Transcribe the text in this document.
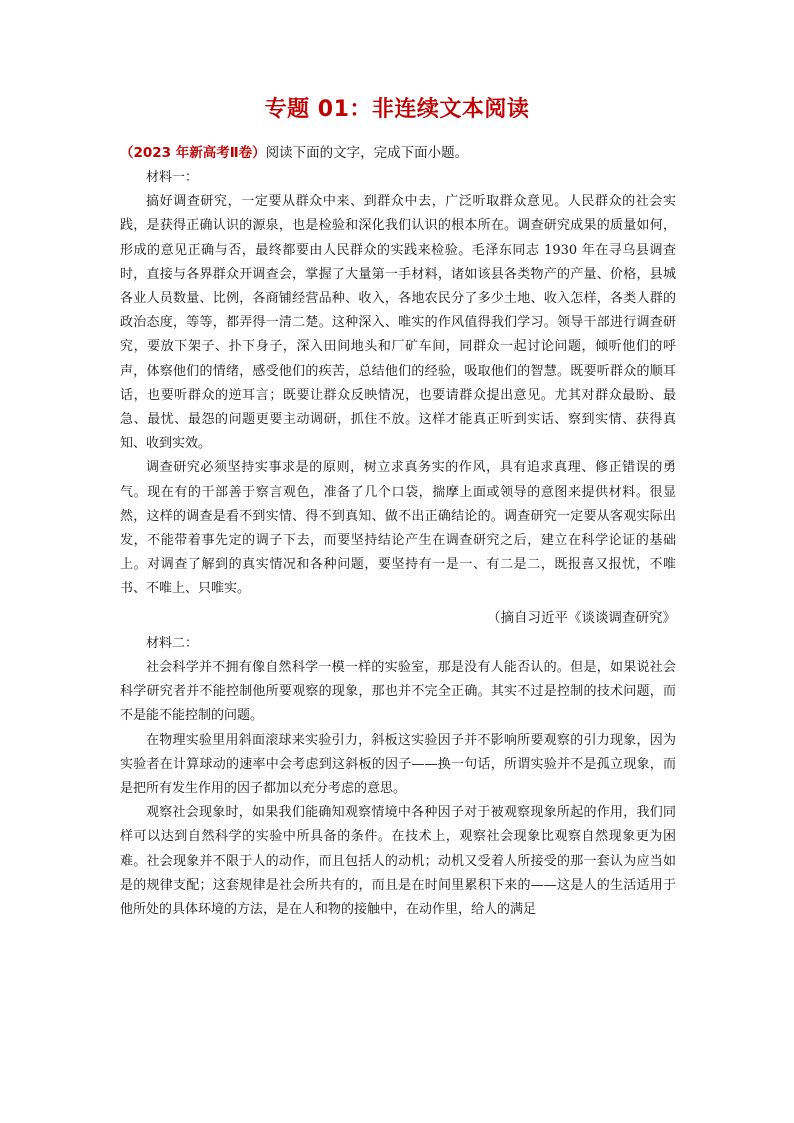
专题 01：非连续文本阅读
（2023 年新高考Ⅱ卷）阅读下面的文字，完成下面小题。

材料一：

搞好调查研究，一定要从群众中来、到群众中去，广泛听取群众意见。人民群众的社会实践，是获得正确认识的源泉，也是检验和深化我们认识的根本所在。调查研究成果的质量如何，形成的意见正确与否，最终都要由人民群众的实践来检验。毛泽东同志 1930 年在寻乌县调查时，直接与各界群众开调查会，掌握了大量第一手材料，诸如该县各类物产的产量、价格，县城各业人员数量、比例，各商铺经营品种、收入，各地农民分了多少土地、收入怎样，各类人群的政治态度，等等，都弄得一清二楚。这种深入、唯实的作风值得我们学习。领导干部进行调查研究，要放下架子、扑下身子，深入田间地头和厂矿车间，同群众一起讨论问题，倾听他们的呼声，体察他们的情绪，感受他们的疾苦，总结他们的经验，吸取他们的智慧。既要听群众的顺耳话，也要听群众的逆耳言；既要让群众反映情况，也要请群众提出意见。尤其对群众最盼、最急、最忧、最怨的问题更要主动调研，抓住不放。这样才能真正听到实话、察到实情、获得真知、收到实效。

调查研究必须坚持实事求是的原则，树立求真务实的作风，具有追求真理、修正错误的勇气。现在有的干部善于察言观色，准备了几个口袋，揣摩上面或领导的意图来提供材料。很显然，这样的调查是看不到实情、得不到真知、做不出正确结论的。调查研究一定要从客观实际出发，不能带着事先定的调子下去，而要坚持结论产生在调查研究之后，建立在科学论证的基础上。对调查了解到的真实情况和各种问题，要坚持有一是一、有二是二，既报喜又报忧，不唯书、不唯上、只唯实。

（摘自习近平《谈谈调查研究》

材料二：

社会科学并不拥有像自然科学一模一样的实验室，那是没有人能否认的。但是，如果说社会科学研究者并不能控制他所要观察的现象，那也并不完全正确。其实不过是控制的技术问题，而不是能不能控制的问题。

在物理实验里用斜面滚球来实验引力，斜板这实验因子并不影响所要观察的引力现象，因为实验者在计算球动的速率中会考虑到这斜板的因子——换一句话，所谓实验并不是孤立现象，而是把所有发生作用的因子都加以充分考虑的意思。

观察社会现象时，如果我们能确知观察情境中各种因子对于被观察现象所起的作用，我们同样可以达到自然科学的实验中所具备的条件。在技术上，观察社会现象比观察自然现象更为困难。社会现象并不限于人的动作，而且包括人的动机；动机又受着人所接受的那一套认为应当如是的规律支配；这套规律是社会所共有的，而且是在时间里累积下来的——这是人的生活适用于他所处的具体环境的方法，是在人和物的接触中，在动作里，给人的满足
